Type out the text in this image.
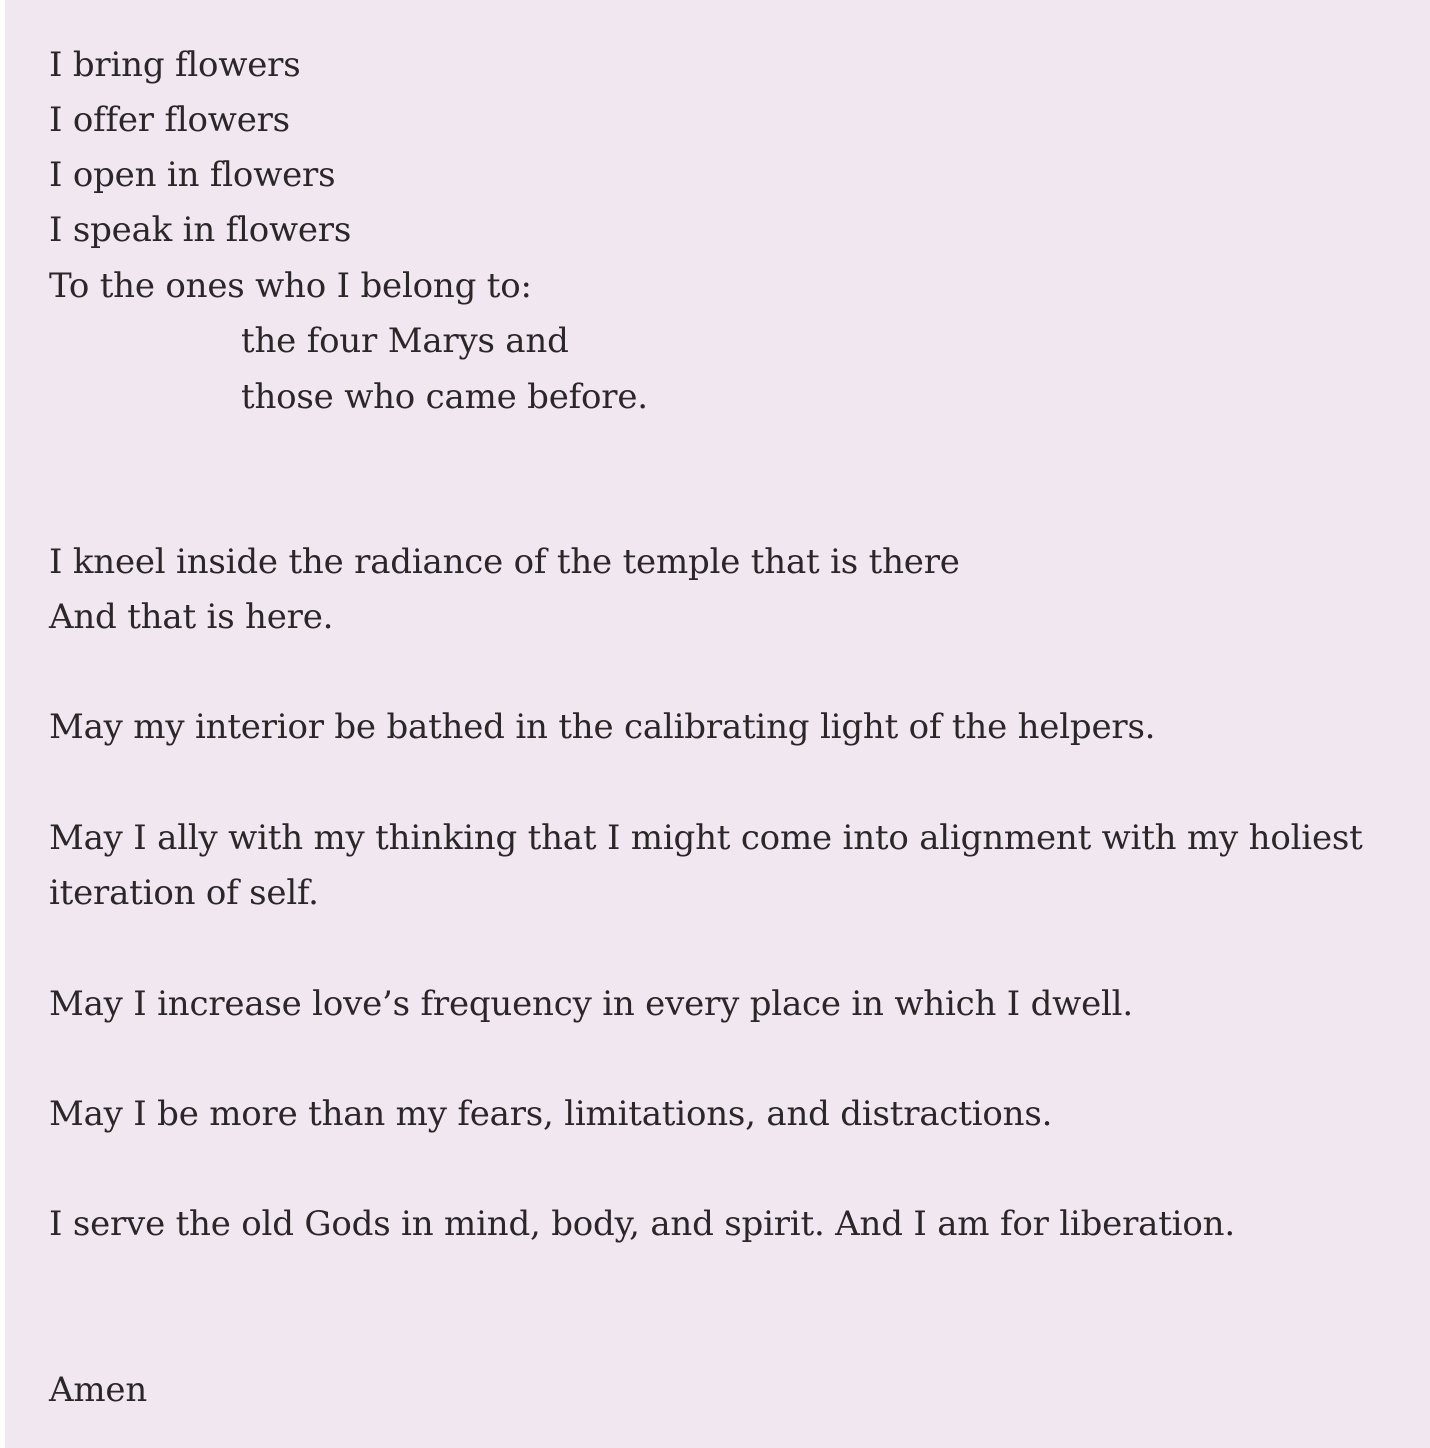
I bring flowers

I offer flowers

I open in flowers

I speak in flowers

To the ones who I belong to:

the four Marys and

those who came before.

I kneel inside the radiance of the temple that is there

And that is here.

May my interior be bathed in the calibrating light of the helpers.

May I ally with my thinking that I might come into alignment with my holiest

iteration of self.

May I increase love’s frequency in every place in which I dwell.

May I be more than my fears, limitations, and distractions.

I serve the old Gods in mind, body, and spirit. And I am for liberation.

Amen
